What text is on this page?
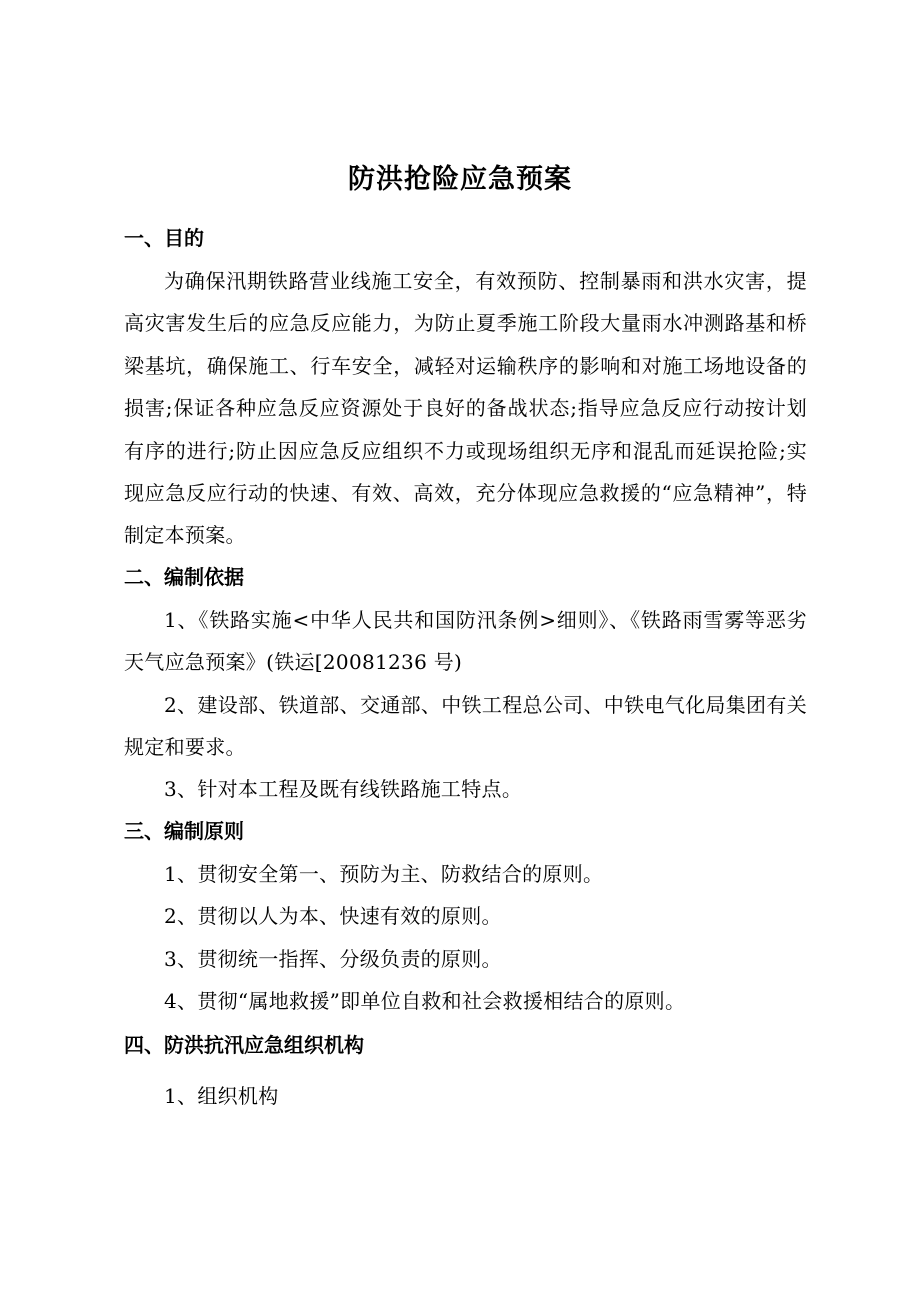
防洪抢险应急预案
一、目的

为确保汛期铁路营业线施工安全，有效预防、控制暴雨和洪水灾害，提高灾害发生后的应急反应能力，为防止夏季施工阶段大量雨水冲测路基和桥梁基坑，确保施工、行车安全，减轻对运输秩序的影响和对施工场地设备的损害;保证各种应急反应资源处于良好的备战状态;指导应急反应行动按计划有序的进行;防止因应急反应组织不力或现场组织无序和混乱而延误抢险;实现应急反应行动的快速、有效、高效，充分体现应急救援的“应急精神”，特制定本预案。

二、编制依据

1、《铁路实施<中华人民共和国防汛条例>细则》、《铁路雨雪雾等恶劣天气应急预案》(铁运[20081236 号)

2、建设部、铁道部、交通部、中铁工程总公司、中铁电气化局集团有关规定和要求。

3、针对本工程及既有线铁路施工特点。

三、编制原则

1、贯彻安全第一、预防为主、防救结合的原则。

2、贯彻以人为本、快速有效的原则。

3、贯彻统一指挥、分级负责的原则。

4、贯彻“属地救援”即单位自救和社会救援相结合的原则。

四、防洪抗汛应急组织机构

1、组织机构
